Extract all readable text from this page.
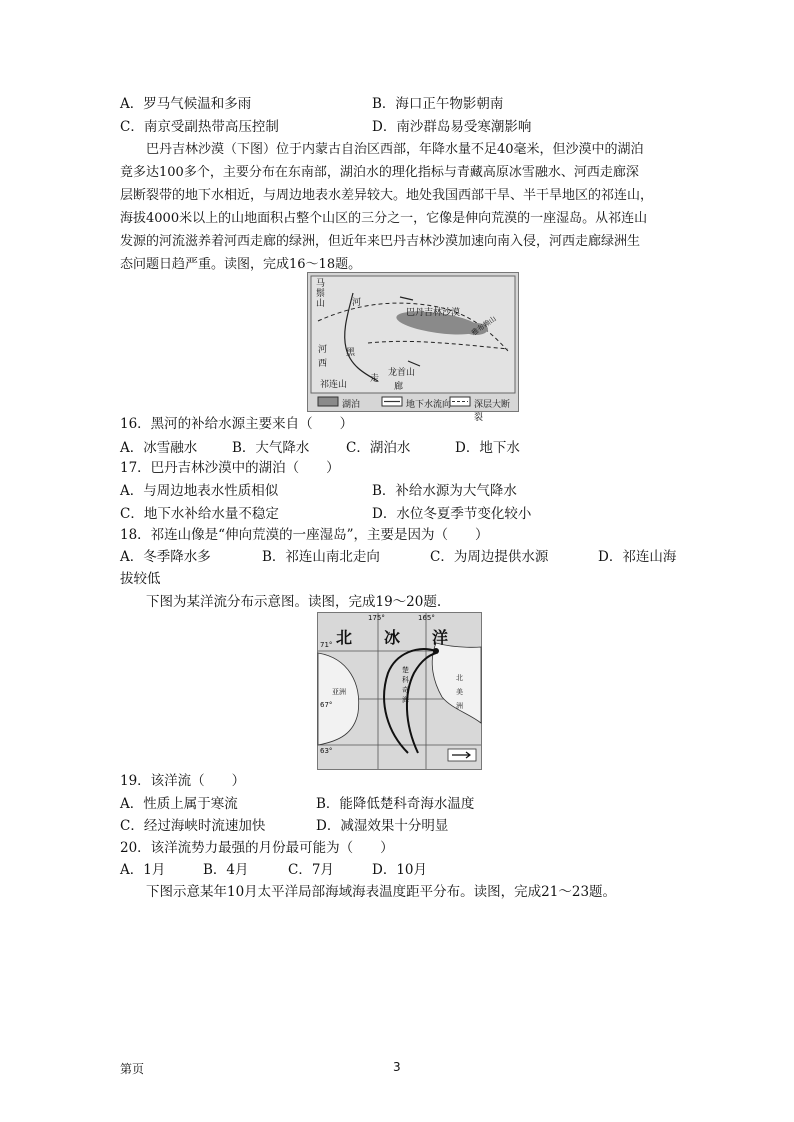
A．罗马气候温和多雨	B．海口正午物影朝南
C．南京受副热带高压控制	D．南沙群岛易受寒潮影响
巴丹吉林沙漠（下图）位于内蒙古自治区西部，年降水量不足40毫米，但沙漠中的湖泊
竟多达100多个，主要分布在东南部，湖泊水的理化指标与青藏高原冰雪融水、河西走廊深
层断裂带的地下水相近，与周边地表水差异较大。地处我国西部干旱、半干旱地区的祁连山，
海拔4000米以上的山地面积占整个山区的三分之一，它像是伸向荒漠的一座湿岛。从祁连山
发源的河流滋养着河西走廊的绿洲，但近年来巴丹吉林沙漠加速向南入侵，河西走廊绿洲生
态问题日趋严重。读图，完成16～18题。
马鬃山	河
巴丹吉林沙漠
雅布赖山
河西
黑
走
祁连山
龙首山
廊
湖泊	地下水流向	深层大断裂
16．黑河的补给水源主要来自（　　）
A．冰雪融水	B．大气降水	C．湖泊水	D．地下水
17．巴丹吉林沙漠中的湖泊（　　）
A．与周边地表水性质相似	B．补给水源为大气降水
C．地下水补给水量不稳定	D．水位冬夏季节变化较小
18．祁连山像是“伸向荒漠的一座湿岛”，主要是因为（　　）
A．冬季降水多	B．祁连山南北走向	C．为周边提供水源	D．祁连山海
拔较低
下图为某洋流分布示意图。读图，完成19～20题.
北 冰 洋
175°	165°
71°
67°
63°
亚洲
北美洲
楚科奇海
19．该洋流（　　）
A．性质上属于寒流	B．能降低楚科奇海水温度
C．经过海峡时流速加快	D．减湿效果十分明显
20．该洋流势力最强的月份最可能为（　　）
A．1月	B．4月	C．7月	D．10月
下图示意某年10月太平洋局部海域海表温度距平分布。读图，完成21～23题。
第页	3
